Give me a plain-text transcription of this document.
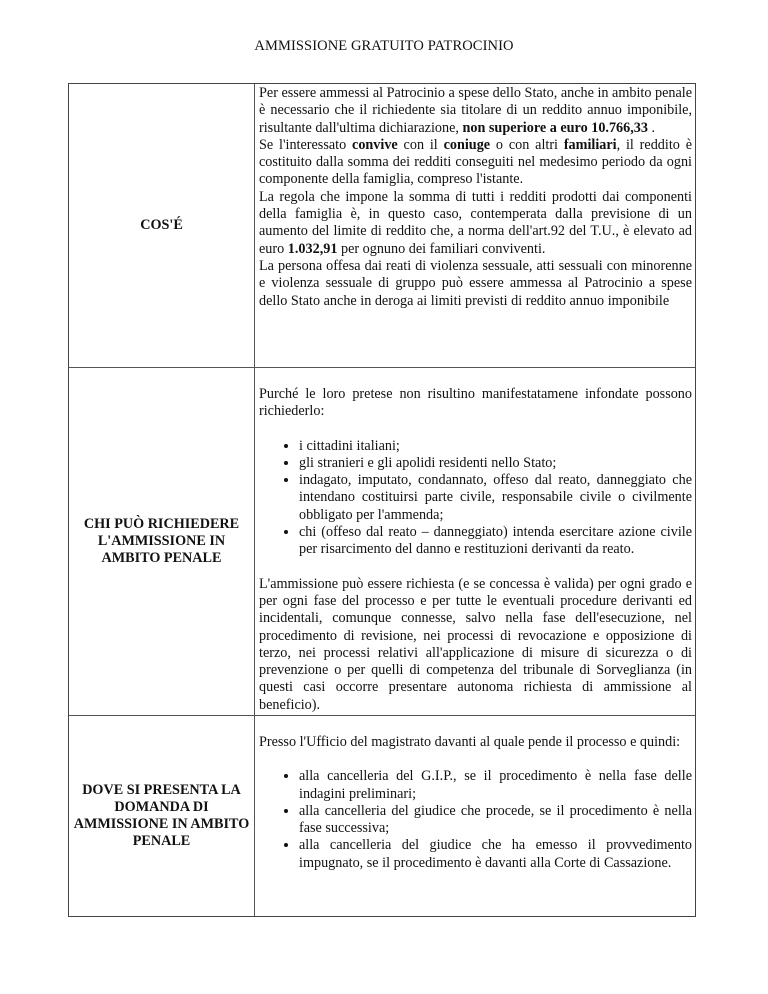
AMMISSIONE GRATUITO PATROCINIO
COS'É

Per essere ammessi al Patrocinio a spese dello Stato, anche in ambito penale è necessario che il richiedente sia titolare di un reddito annuo imponibile, risultante dall'ultima dichiarazione, non superiore a euro 10.766,33 .

Se l'interessato convive con il coniuge o con altri familiari, il reddito è costituito dalla somma dei redditi conseguiti nel medesimo periodo da ogni componente della famiglia, compreso l'istante.

La regola che impone la somma di tutti i redditi prodotti dai componenti della famiglia è, in questo caso, contemperata dalla previsione di un aumento del limite di reddito che, a norma dell'art.92 del T.U., è elevato ad euro 1.032,91 per ognuno dei familiari conviventi.

La persona offesa dai reati di violenza sessuale, atti sessuali con minorenne e violenza sessuale di gruppo può essere ammessa al Patrocinio a spese dello Stato anche in deroga ai limiti previsti di reddito annuo imponibile

CHI PUÒ RICHIEDERE L'AMMISSIONE IN AMBITO PENALE

Purché le loro pretese non risultino manifestatamene infondate possono richiederlo:

• i cittadini italiani;
• gli stranieri e gli apolidi residenti nello Stato;
• indagato, imputato, condannato, offeso dal reato, danneggiato che intendano costituirsi parte civile, responsabile civile o civilmente obbligato per l'ammenda;
• chi (offeso dal reato – danneggiato) intenda esercitare azione civile per risarcimento del danno e restituzioni derivanti da reato.

L'ammissione può essere richiesta (e se concessa è valida) per ogni grado e per ogni fase del processo e per tutte le eventuali procedure derivanti ed incidentali, comunque connesse, salvo nella fase dell'esecuzione, nel procedimento di revisione, nei processi di revocazione e opposizione di terzo, nei processi relativi all'applicazione di misure di sicurezza o di prevenzione o per quelli di competenza del tribunale di Sorveglianza (in questi casi occorre presentare autonoma richiesta di ammissione al beneficio).

DOVE SI PRESENTA LA DOMANDA DI AMMISSIONE IN AMBITO PENALE

Presso l'Ufficio del magistrato davanti al quale pende il processo e quindi:

• alla cancelleria del G.I.P., se il procedimento è nella fase delle indagini preliminari;
• alla cancelleria del giudice che procede, se il procedimento è nella fase successiva;
• alla cancelleria del giudice che ha emesso il provvedimento impugnato, se il procedimento è davanti alla Corte di Cassazione.
